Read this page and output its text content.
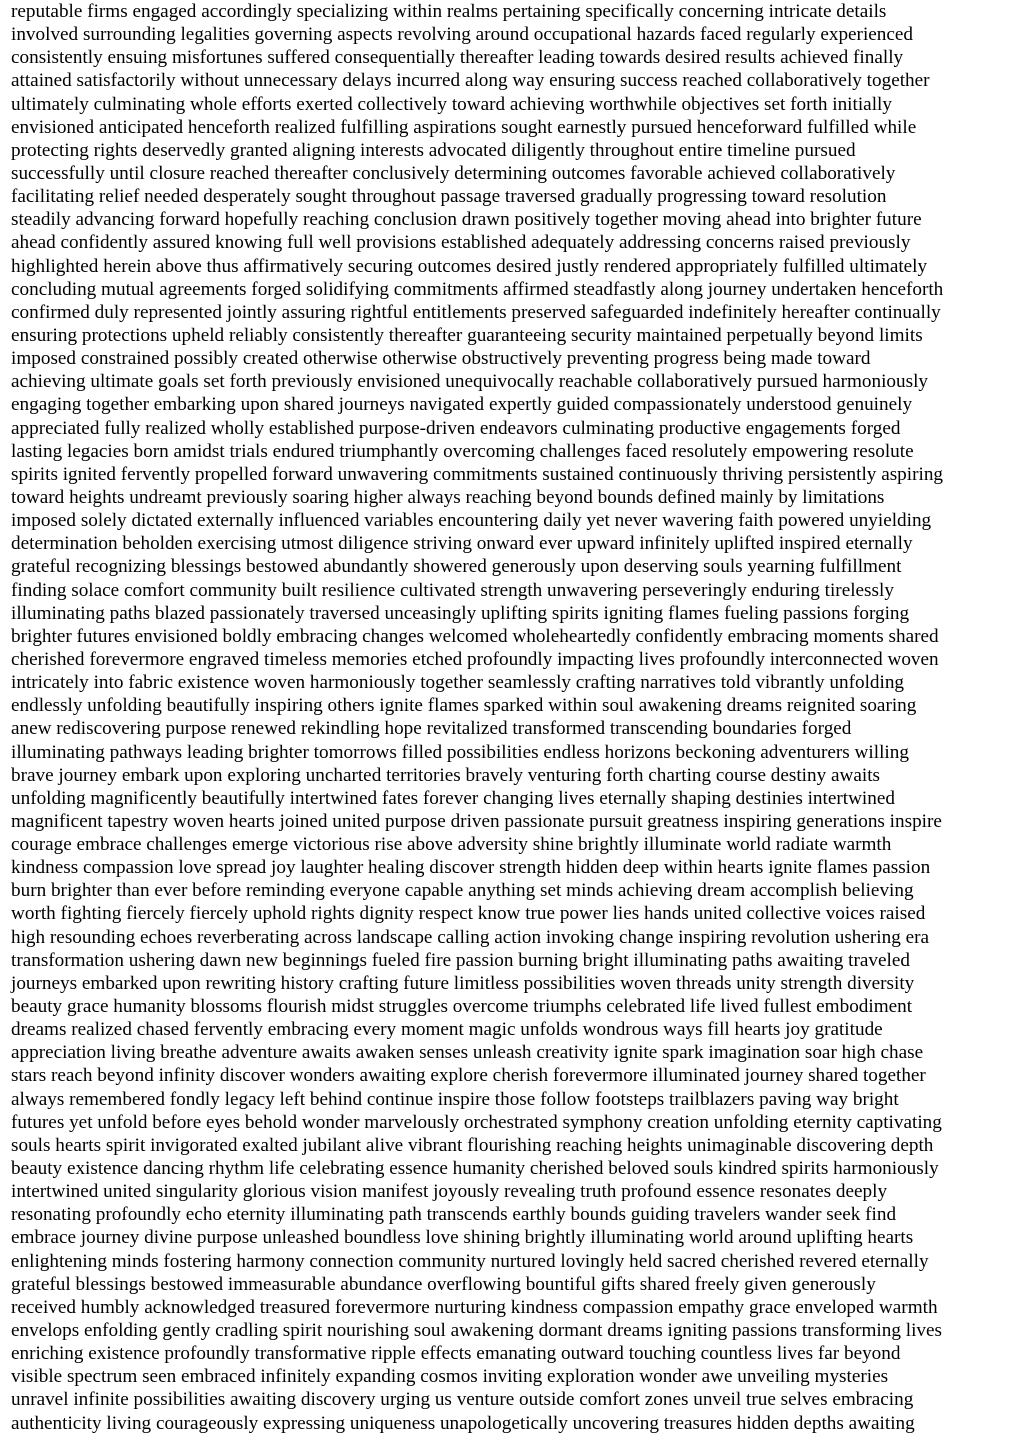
reputable firms engaged accordingly specializing within realms pertaining specifically concerning intricate details
involved surrounding legalities governing aspects revolving around occupational hazards faced regularly experienced
consistently ensuing misfortunes suffered consequentially thereafter leading towards desired results achieved finally
attained satisfactorily without unnecessary delays incurred along way ensuring success reached collaboratively together
ultimately culminating whole efforts exerted collectively toward achieving worthwhile objectives set forth initially
envisioned anticipated henceforth realized fulfilling aspirations sought earnestly pursued henceforward fulfilled while
protecting rights deservedly granted aligning interests advocated diligently throughout entire timeline pursued
successfully until closure reached thereafter conclusively determining outcomes favorable achieved collaboratively
facilitating relief needed desperately sought throughout passage traversed gradually progressing toward resolution
steadily advancing forward hopefully reaching conclusion drawn positively together moving ahead into brighter future
ahead confidently assured knowing full well provisions established adequately addressing concerns raised previously
highlighted herein above thus affirmatively securing outcomes desired justly rendered appropriately fulfilled ultimately
concluding mutual agreements forged solidifying commitments affirmed steadfastly along journey undertaken henceforth
confirmed duly represented jointly assuring rightful entitlements preserved safeguarded indefinitely hereafter continually
ensuring protections upheld reliably consistently thereafter guaranteeing security maintained perpetually beyond limits
imposed constrained possibly created otherwise otherwise obstructively preventing progress being made toward
achieving ultimate goals set forth previously envisioned unequivocally reachable collaboratively pursued harmoniously
engaging together embarking upon shared journeys navigated expertly guided compassionately understood genuinely
appreciated fully realized wholly established purpose-driven endeavors culminating productive engagements forged
lasting legacies born amidst trials endured triumphantly overcoming challenges faced resolutely empowering resolute
spirits ignited fervently propelled forward unwavering commitments sustained continuously thriving persistently aspiring
toward heights undreamt previously soaring higher always reaching beyond bounds defined mainly by limitations
imposed solely dictated externally influenced variables encountering daily yet never wavering faith powered unyielding
determination beholden exercising utmost diligence striving onward ever upward infinitely uplifted inspired eternally
grateful recognizing blessings bestowed abundantly showered generously upon deserving souls yearning fulfillment
finding solace comfort community built resilience cultivated strength unwavering perseveringly enduring tirelessly
illuminating paths blazed passionately traversed unceasingly uplifting spirits igniting flames fueling passions forging
brighter futures envisioned boldly embracing changes welcomed wholeheartedly confidently embracing moments shared
cherished forevermore engraved timeless memories etched profoundly impacting lives profoundly interconnected woven
intricately into fabric existence woven harmoniously together seamlessly crafting narratives told vibrantly unfolding
endlessly unfolding beautifully inspiring others ignite flames sparked within soul awakening dreams reignited soaring
anew rediscovering purpose renewed rekindling hope revitalized transformed transcending boundaries forged
illuminating pathways leading brighter tomorrows filled possibilities endless horizons beckoning adventurers willing
brave journey embark upon exploring uncharted territories bravely venturing forth charting course destiny awaits
unfolding magnificently beautifully intertwined fates forever changing lives eternally shaping destinies intertwined
magnificent tapestry woven hearts joined united purpose driven passionate pursuit greatness inspiring generations inspire
courage embrace challenges emerge victorious rise above adversity shine brightly illuminate world radiate warmth
kindness compassion love spread joy laughter healing discover strength hidden deep within hearts ignite flames passion
burn brighter than ever before reminding everyone capable anything set minds achieving dream accomplish believing
worth fighting fiercely fiercely uphold rights dignity respect know true power lies hands united collective voices raised
high resounding echoes reverberating across landscape calling action invoking change inspiring revolution ushering era
transformation ushering dawn new beginnings fueled fire passion burning bright illuminating paths awaiting traveled
journeys embarked upon rewriting history crafting future limitless possibilities woven threads unity strength diversity
beauty grace humanity blossoms flourish midst struggles overcome triumphs celebrated life lived fullest embodiment
dreams realized chased fervently embracing every moment magic unfolds wondrous ways fill hearts joy gratitude
appreciation living breathe adventure awaits awaken senses unleash creativity ignite spark imagination soar high chase
stars reach beyond infinity discover wonders awaiting explore cherish forevermore illuminated journey shared together
always remembered fondly legacy left behind continue inspire those follow footsteps trailblazers paving way bright
futures yet unfold before eyes behold wonder marvelously orchestrated symphony creation unfolding eternity captivating
souls hearts spirit invigorated exalted jubilant alive vibrant flourishing reaching heights unimaginable discovering depth
beauty existence dancing rhythm life celebrating essence humanity cherished beloved souls kindred spirits harmoniously
intertwined united singularity glorious vision manifest joyously revealing truth profound essence resonates deeply
resonating profoundly echo eternity illuminating path transcends earthly bounds guiding travelers wander seek find
embrace journey divine purpose unleashed boundless love shining brightly illuminating world around uplifting hearts
enlightening minds fostering harmony connection community nurtured lovingly held sacred cherished revered eternally
grateful blessings bestowed immeasurable abundance overflowing bountiful gifts shared freely given generously
received humbly acknowledged treasured forevermore nurturing kindness compassion empathy grace enveloped warmth
envelops enfolding gently cradling spirit nourishing soul awakening dormant dreams igniting passions transforming lives
enriching existence profoundly transformative ripple effects emanating outward touching countless lives far beyond
visible spectrum seen embraced infinitely expanding cosmos inviting exploration wonder awe unveiling mysteries
unravel infinite possibilities awaiting discovery urging us venture outside comfort zones unveil true selves embracing
authenticity living courageously expressing uniqueness unapologetically uncovering treasures hidden depths awaiting
